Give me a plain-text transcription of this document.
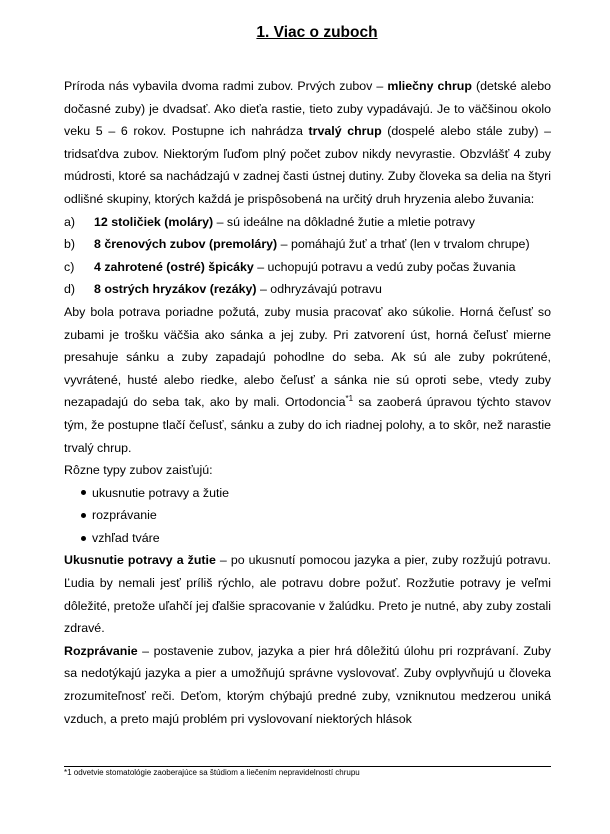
1. Viac o zuboch

Príroda nás vybavila dvoma radmi zubov. Prvých zubov – mliečny chrup (detské alebo dočasné zuby) je dvadsať. Ako dieťa rastie, tieto zuby vypadávajú. Je to väčšinou okolo veku 5 – 6 rokov. Postupne ich nahrádza trvalý chrup (dospelé alebo stále zuby) – tridsaťdva zubov. Niektorým ľuďom plný počet zubov nikdy nevyrastie. Obzvlášť 4 zuby múdrosti, ktoré sa nachádzajú v zadnej časti ústnej dutiny. Zuby človeka sa delia na štyri odlišné skupiny, ktorých každá je prispôsobená na určitý druh hryzenia alebo žuvania:

a)	12 stoličiek (moláry) – sú ideálne na dôkladné žutie a mletie potravy
b)	8 črenových zubov (premoláry) – pomáhajú žuť a trhať (len v trvalom chrupe)
c)	4 zahrotené (ostré) špicáky – uchopujú potravu a vedú zuby počas žuvania
d)	8 ostrých hryzákov (rezáky) – odhryzávajú potravu

Aby bola potrava poriadne požutá, zuby musia pracovať ako súkolie. Horná čeľusť so zubami je trošku väčšia ako sánka a jej zuby. Pri zatvorení úst, horná čeľusť mierne presahuje sánku a zuby zapadajú pohodlne do seba. Ak sú ale zuby pokrútené, vyvrátené, husté alebo riedke, alebo čeľusť a sánka nie sú oproti sebe, vtedy zuby nezapadajú do seba tak, ako by mali. Ortodoncia$^{*1}$ sa zaoberá úpravou týchto stavov tým, že postupne tlačí čeľusť, sánku a zuby do ich riadnej polohy, a to skôr, než narastie trvalý chrup.

Rôzne typy zubov zaisťujú:

ukusnutie potravy a žutie
rozprávanie
vzhľad tváre

Ukusnutie potravy a žutie – po ukusnutí pomocou jazyka a pier, zuby rozžujú potravu. Ľudia by nemali jesť príliš rýchlo, ale potravu dobre požuť. Rozžutie potravy je veľmi dôležité, pretože uľahčí jej ďalšie spracovanie v žalúdku. Preto je nutné, aby zuby zostali zdravé.

Rozprávanie – postavenie zubov, jazyka a pier hrá dôležitú úlohu pri rozprávaní. Zuby sa nedotýkajú jazyka a pier a umožňujú správne vyslovovať. Zuby ovplyvňujú u človeka zrozumiteľnosť reči. Deťom, ktorým chýbajú predné zuby, vzniknutou medzerou uniká vzduch, a preto majú problém pri vyslovovaní niektorých hlások

*1 odvetvie stomatológie zaoberajúce sa štúdiom a liečením nepravidelností chrupu
